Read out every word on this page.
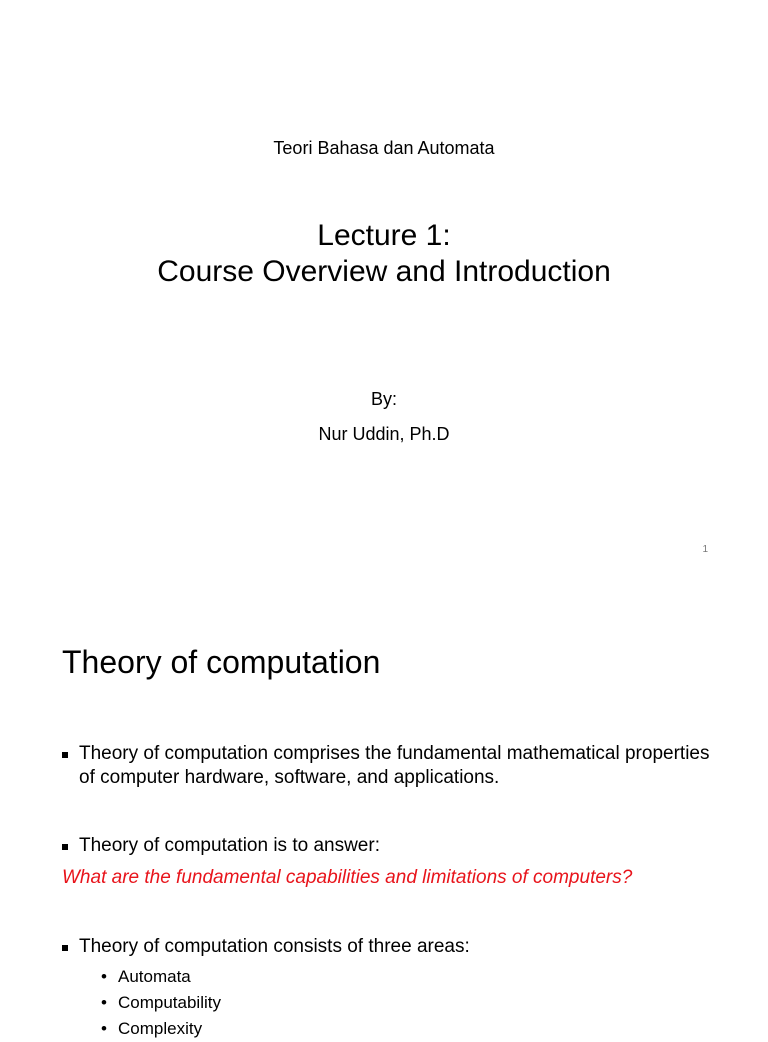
Teori Bahasa dan Automata
Lecture 1:
Course Overview and Introduction
By:
Nur Uddin, Ph.D
1
Theory of computation
Theory of computation comprises the fundamental mathematical properties of computer hardware, software, and applications.
Theory of computation is to answer:
What are the fundamental capabilities and limitations of computers?
Theory of computation consists of three areas:
• Automata
• Computability
• Complexity
